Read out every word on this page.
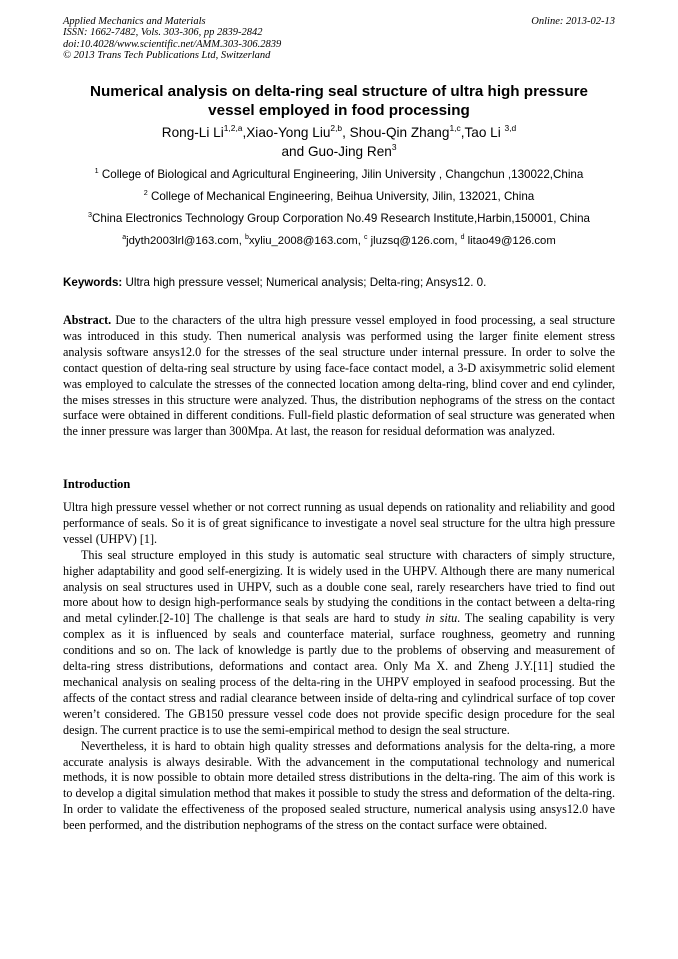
Applied Mechanics and Materials
ISSN: 1662-7482, Vols. 303-306, pp 2839-2842
doi:10.4028/www.scientific.net/AMM.303-306.2839
© 2013 Trans Tech Publications Ltd, Switzerland
Online: 2013-02-13
Numerical analysis on delta-ring seal structure of ultra high pressure
vessel employed in food processing
Rong-Li Li$^{1,2,a}$,Xiao-Yong Liu$^{2,b}$, Shou-Qin Zhang$^{1,c}$,Tao Li $^{3,d}$
and Guo-Jing Ren$^3$
$^1$ College of Biological and Agricultural Engineering, Jilin University , Changchun ,130022,China
$^2$ College of Mechanical Engineering, Beihua University, Jilin, 132021, China
$^3$China Electronics Technology Group Corporation No.49 Research Institute,Harbin,150001, China
$^a$jdyth2003lrl@163.com, $^b$xyliu_2008@163.com, $^c$ jluzsq@126.com, $^d$ litao49@126.com
Keywords: Ultra high pressure vessel; Numerical analysis; Delta-ring; Ansys12. 0.

Abstract. Due to the characters of the ultra high pressure vessel employed in food processing, a seal structure was introduced in this study. Then numerical analysis was performed using the larger finite element stress analysis software ansys12.0 for the stresses of the seal structure under internal pressure. In order to solve the contact question of delta-ring seal structure by using face-face contact model, a 3-D axisymmetric solid element was employed to calculate the stresses of the connected location among delta-ring, blind cover and end cylinder, the mises stresses in this structure were analyzed. Thus, the distribution nephograms of the stress on the contact surface were obtained in different conditions. Full-field plastic deformation of seal structure was generated when the inner pressure was larger than 300Mpa. At last, the reason for residual deformation was analyzed.

Introduction

Ultra high pressure vessel whether or not correct running as usual depends on rationality and reliability and good performance of seals. So it is of great significance to investigate a novel seal structure for the ultra high pressure vessel (UHPV) [1].

This seal structure employed in this study is automatic seal structure with characters of simply structure, higher adaptability and good self-energizing. It is widely used in the UHPV. Although there are many numerical analysis on seal structures used in UHPV, such as a double cone seal, rarely researchers have tried to find out more about how to design high-performance seals by studying the conditions in the contact between a delta-ring and metal cylinder.[2-10] The challenge is that seals are hard to study in situ. The sealing capability is very complex as it is influenced by seals and counterface material, surface roughness, geometry and running conditions and so on. The lack of knowledge is partly due to the problems of observing and measurement of delta-ring stress distributions, deformations and contact area. Only Ma X. and Zheng J.Y.[11] studied the mechanical analysis on sealing process of the delta-ring in the UHPV employed in seafood processing. But the affects of the contact stress and radial clearance between inside of delta-ring and cylindrical surface of top cover weren’t considered. The GB150 pressure vessel code does not provide specific design procedure for the seal design. The current practice is to use the semi-empirical method to design the seal structure.

Nevertheless, it is hard to obtain high quality stresses and deformations analysis for the delta-ring, a more accurate analysis is always desirable. With the advancement in the computational technology and numerical methods, it is now possible to obtain more detailed stress distributions in the delta-ring. The aim of this work is to develop a digital simulation method that makes it possible to study the stress and deformation of the delta-ring. In order to validate the effectiveness of the proposed sealed structure, numerical analysis using ansys12.0 have been performed, and the distribution nephograms of the stress on the contact surface were obtained.
